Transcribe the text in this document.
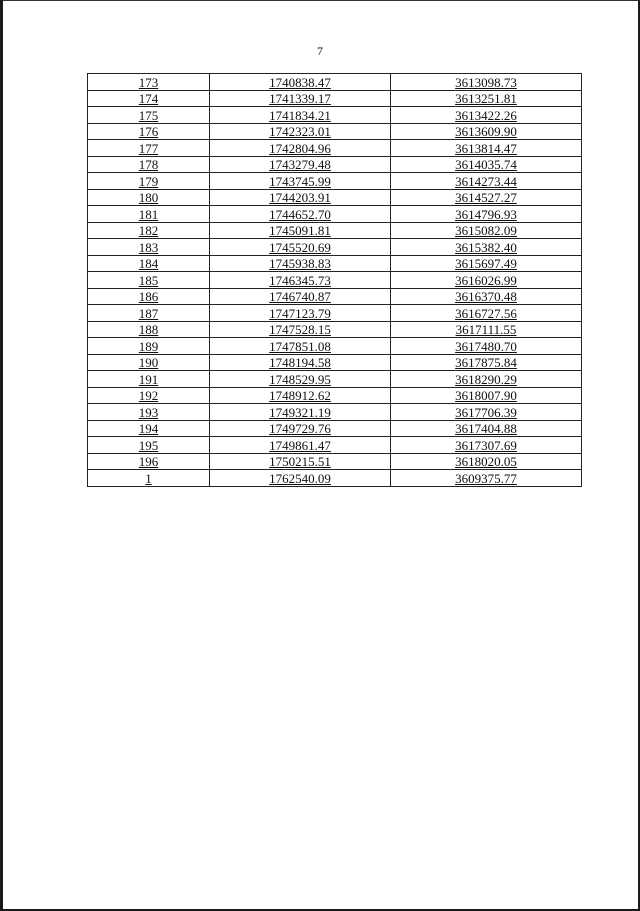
7
173	1740838.47	3613098.73
174	1741339.17	3613251.81
175	1741834.21	3613422.26
176	1742323.01	3613609.90
177	1742804.96	3613814.47
178	1743279.48	3614035.74
179	1743745.99	3614273.44
180	1744203.91	3614527.27
181	1744652.70	3614796.93
182	1745091.81	3615082.09
183	1745520.69	3615382.40
184	1745938.83	3615697.49
185	1746345.73	3616026.99
186	1746740.87	3616370.48
187	1747123.79	3616727.56
188	1747528.15	3617111.55
189	1747851.08	3617480.70
190	1748194.58	3617875.84
191	1748529.95	3618290.29
192	1748912.62	3618007.90
193	1749321.19	3617706.39
194	1749729.76	3617404.88
195	1749861.47	3617307.69
196	1750215.51	3618020.05
1	1762540.09	3609375.77
